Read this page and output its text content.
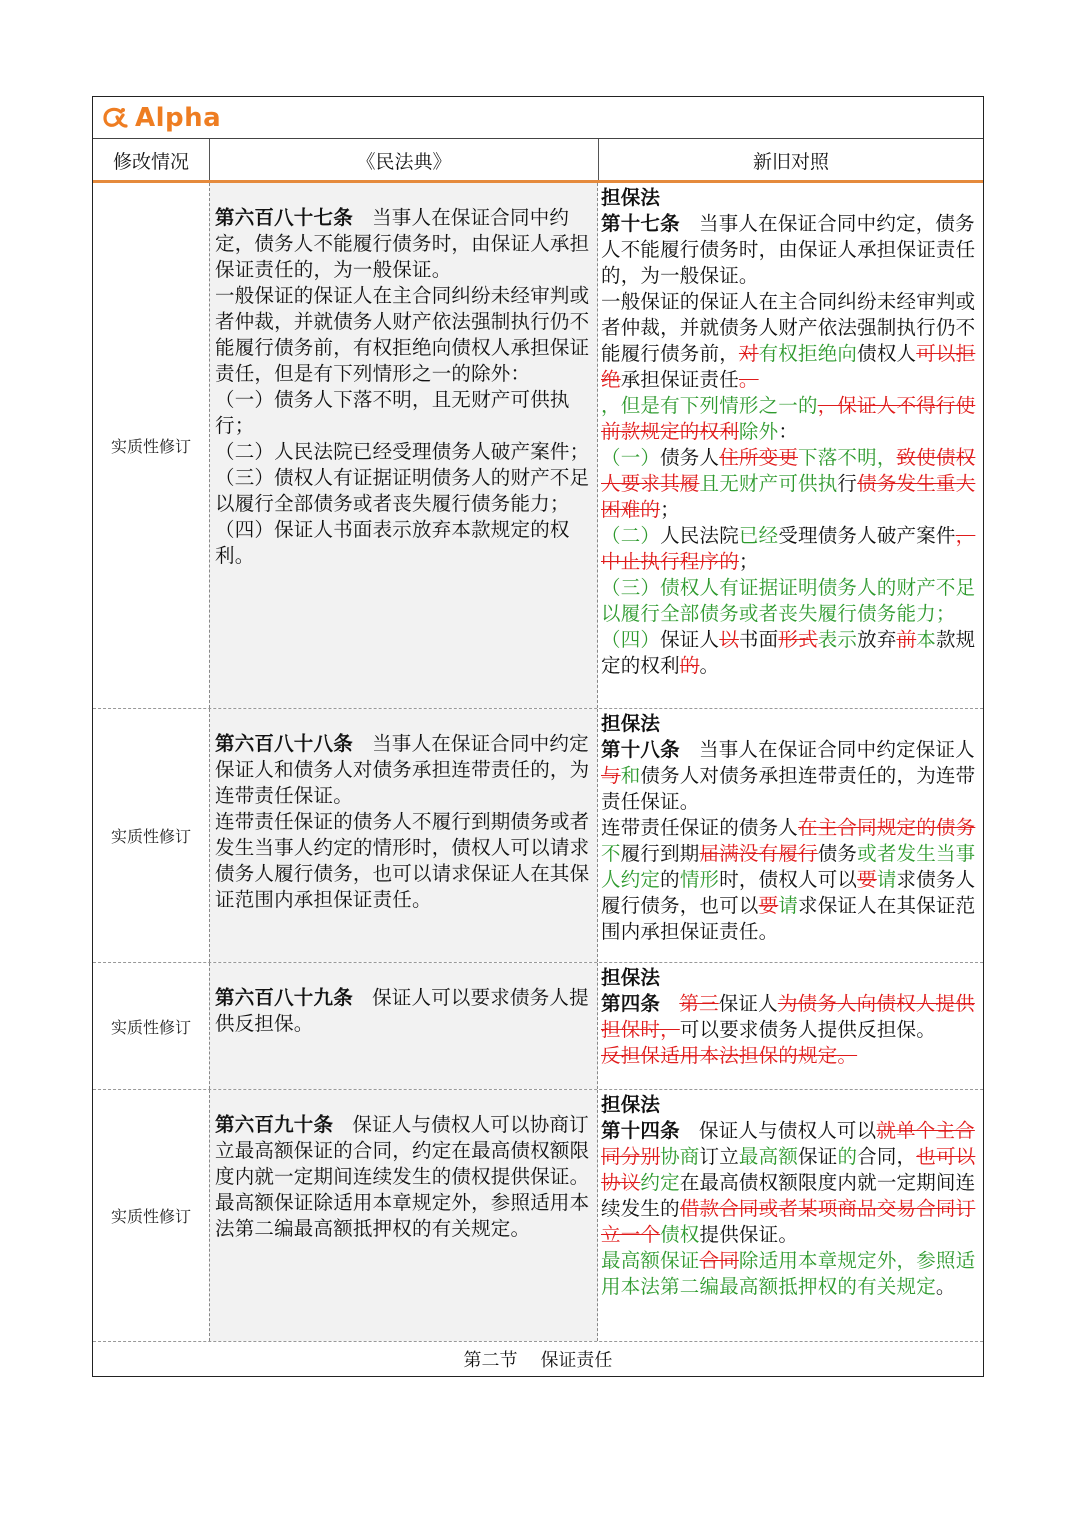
Alpha
修改情况	《民法典》	新旧对照
实质性修订
第六百八十七条 当事人在保证合同中约定，债务人不能履行债务时，由保证人承担保证责任的，为一般保证。
一般保证的保证人在主合同纠纷未经审判或者仲裁，并就债务人财产依法强制执行仍不能履行债务前，有权拒绝向债权人承担保证责任，但是有下列情形之一的除外：
（一）债务人下落不明，且无财产可供执行；
（二）人民法院已经受理债务人破产案件；
（三）债权人有证据证明债务人的财产不足以履行全部债务或者丧失履行债务能力；
（四）保证人书面表示放弃本款规定的权利。
担保法
第十七条 当事人在保证合同中约定，债务人不能履行债务时，由保证人承担保证责任的，为一般保证。
一般保证的保证人在主合同纠纷未经审判或者仲裁，并就债务人财产依法强制执行仍不能履行债务前，对有权拒绝向债权人可以拒绝承担保证责任。
，但是有下列情形之一的，保证人不得行使前款规定的权利除外：
（一）债务人住所变更下落不明，致使债权人要求其履且无财产可供执行债务发生重大困难的；
（二）人民法院已经受理债务人破产案件，中止执行程序的；
（三）债权人有证据证明债务人的财产不足以履行全部债务或者丧失履行债务能力；
（四）保证人以书面形式表示放弃前本款规定的权利的。
实质性修订
第六百八十八条 当事人在保证合同中约定保证人和债务人对债务承担连带责任的，为连带责任保证。
连带责任保证的债务人不履行到期债务或者发生当事人约定的情形时，债权人可以请求债务人履行债务，也可以请求保证人在其保证范围内承担保证责任。
担保法
第十八条 当事人在保证合同中约定保证人与和债务人对债务承担连带责任的，为连带责任保证。
连带责任保证的债务人在主合同规定的债务不履行到期届满没有履行债务或者发生当事人约定的情形时，债权人可以要请求债务人履行债务，也可以要请求保证人在其保证范围内承担保证责任。
实质性修订
第六百八十九条 保证人可以要求债务人提供反担保。
担保法
第四条 第三保证人为债务人向债权人提供担保时，可以要求债务人提供反担保。
反担保适用本法担保的规定。
实质性修订
第六百九十条 保证人与债权人可以协商订立最高额保证的合同，约定在最高债权额限度内就一定期间连续发生的债权提供保证。
最高额保证除适用本章规定外，参照适用本法第二编最高额抵押权的有关规定。
担保法
第十四条 保证人与债权人可以就单个主合同分别协商订立最高额保证的合同，也可以协议约定在最高债权额限度内就一定期间连续发生的借款合同或者某项商品交易合同订立一个债权提供保证。
最高额保证合同除适用本章规定外，参照适用本法第二编最高额抵押权的有关规定。
第二节
保证责任
